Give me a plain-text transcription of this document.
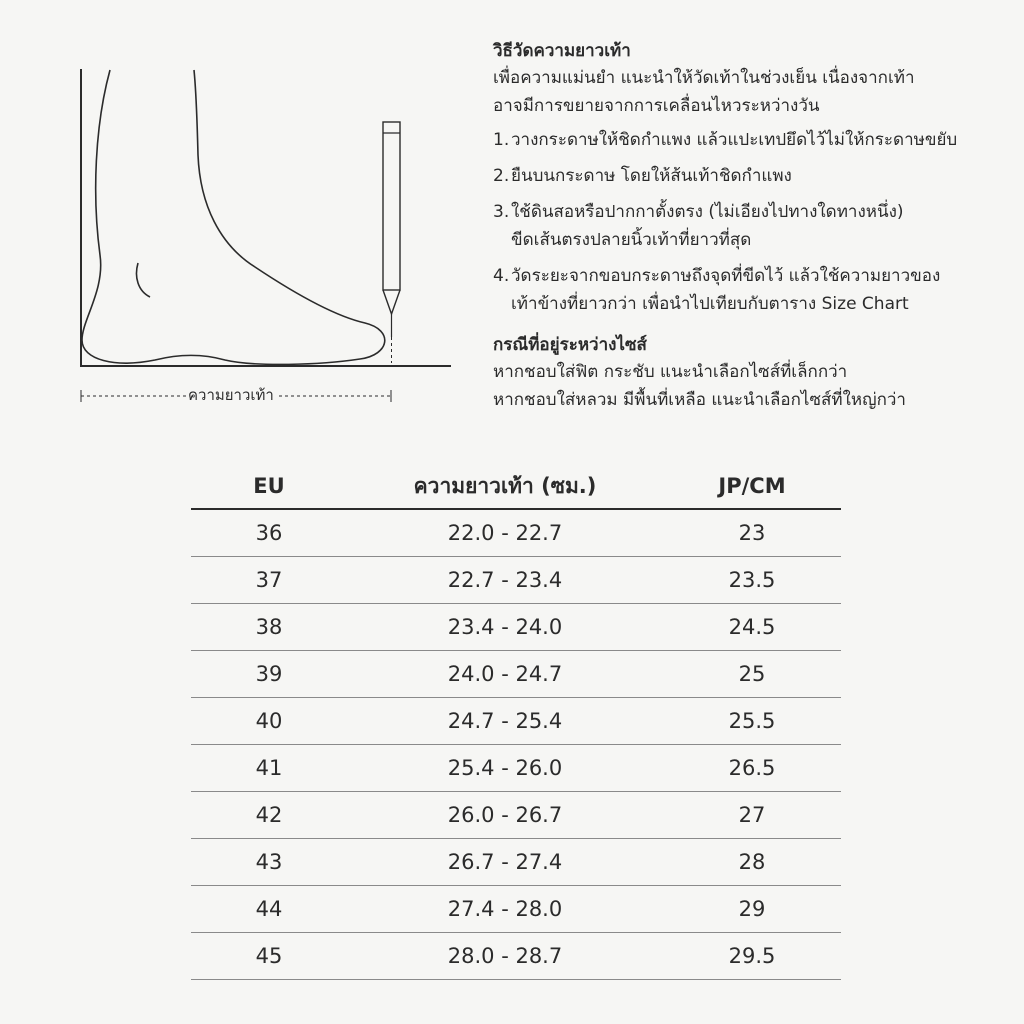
ความยาวเท้า
วิธีวัดความยาวเท้า
เพื่อความแม่นยำ แนะนำให้วัดเท้าในช่วงเย็น เนื่องจากเท้า
อาจมีการขยายจากการเคลื่อนไหวระหว่างวัน
1. วางกระดาษให้ชิดกำแพง แล้วแปะเทปยึดไว้ไม่ให้กระดาษขยับ
2. ยืนบนกระดาษ โดยให้ส้นเท้าชิดกำแพง
3. ใช้ดินสอหรือปากกาตั้งตรง (ไม่เอียงไปทางใดทางหนึ่ง)
ขีดเส้นตรงปลายนิ้วเท้าที่ยาวที่สุด
4. วัดระยะจากขอบกระดาษถึงจุดที่ขีดไว้ แล้วใช้ความยาวของ
เท้าข้างที่ยาวกว่า เพื่อนำไปเทียบกับตาราง Size Chart
กรณีที่อยู่ระหว่างไซส์
หากชอบใส่ฟิต กระชับ แนะนำเลือกไซส์ที่เล็กกว่า
หากชอบใส่หลวม มีพื้นที่เหลือ แนะนำเลือกไซส์ที่ใหญ่กว่า
EU	ความยาวเท้า (ซม.)	JP/CM
36	22.0 - 22.7	23
37	22.7 - 23.4	23.5
38	23.4 - 24.0	24.5
39	24.0 - 24.7	25
40	24.7 - 25.4	25.5
41	25.4 - 26.0	26.5
42	26.0 - 26.7	27
43	26.7 - 27.4	28
44	27.4 - 28.0	29
45	28.0 - 28.7	29.5
